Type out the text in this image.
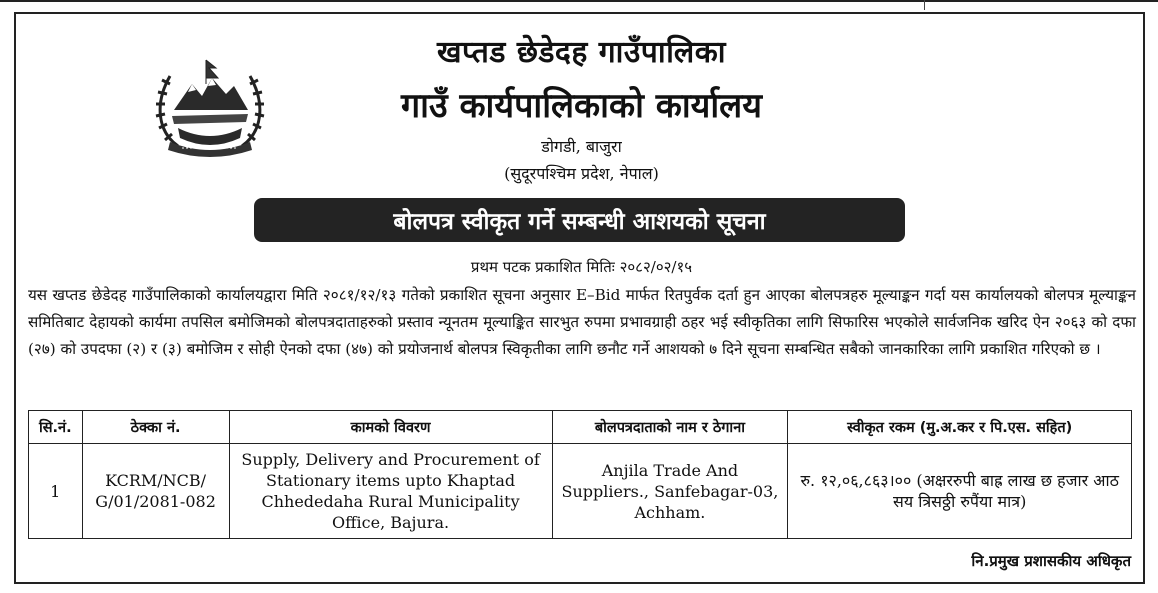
खप्तड छेडेदह गाउँपालिका
गाउँ कार्यपालिकाको कार्यालय
डोगडी, बाजुरा
(सुदूरपश्चिम प्रदेश, नेपाल)
बोलपत्र स्वीकृत गर्ने सम्बन्धी आशयको सूचना
प्रथम पटक प्रकाशित मितिः २०८२/०२/१५
यस खप्तड छेडेदह गाउँपालिकाको कार्यालयद्वारा मिति २०८१/१२/१३ गतेको प्रकाशित सूचना अनुसार E–Bid मार्फत रितपुर्वक दर्ता हुन आएका बोलपत्रहरु मूल्याङ्कन गर्दा यस कार्यालयको बोलपत्र मूल्याङ्कन समितिबाट देहायको कार्यमा तपसिल बमोजिमको बोलपत्रदाताहरुको प्रस्ताव न्यूनतम मूल्याङ्कित सारभुत रुपमा प्रभावग्राही ठहर भई स्वीकृतिका लागि सिफारिस भएकोले सार्वजनिक खरिद ऐन २०६३ को दफा (२७) को उपदफा (२) र (३) बमोजिम र सोही ऐनको दफा (४७) को प्रयोजनार्थ बोलपत्र स्विकृतीका लागि छनौट गर्ने आशयको ७ दिने सूचना सम्बन्धित सबैको जानकारिका लागि प्रकाशित गरिएको छ ।
सि.नं.	ठेक्का नं.	कामको विवरण	बोलपत्रदाताको नाम र ठेगाना	स्वीकृत रकम (मु.अ.कर र पि.एस. सहित)
1	KCRM/NCB/ G/01/2081-082	Supply, Delivery and Procurement of Stationary items upto Khaptad Chhededaha Rural Municipality Office, Bajura.	Anjila Trade And Suppliers., Sanfebagar-03, Achham.	रु. १२,०६,८६३।०० (अक्षररुपी बाह्र लाख छ हजार आठ सय त्रिसठ्ठी रुपैंया मात्र)
नि.प्रमुख प्रशासकीय अधिकृत
